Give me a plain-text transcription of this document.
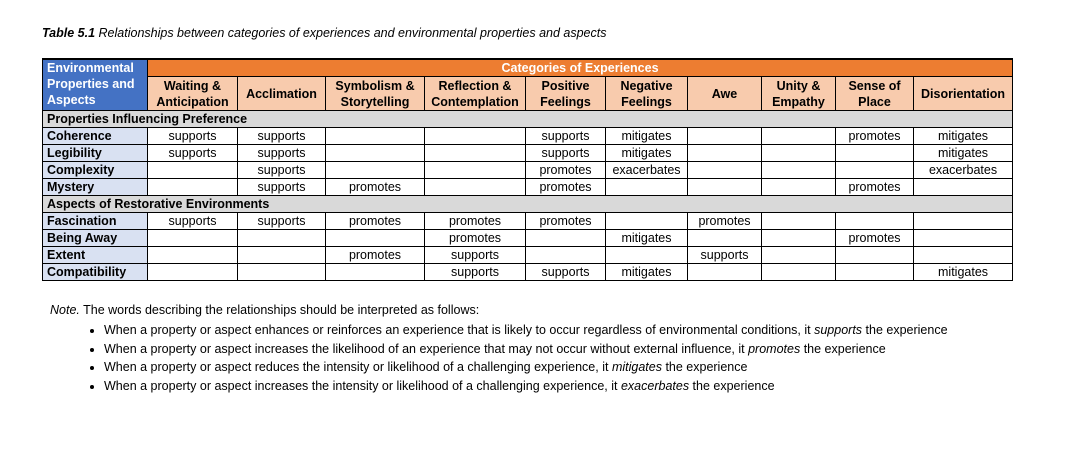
Table 5.1 Relationships between categories of experiences and environmental properties and aspects
Environmental Properties and Aspects	Categories of Experiences									
	Waiting & Anticipation	Acclimation	Symbolism & Storytelling	Reflection & Contemplation	Positive Feelings	Negative Feelings	Awe	Unity & Empathy	Sense of Place	Disorientation
Properties Influencing Preference										
Coherence	supports	supports			supports	mitigates			promotes	mitigates
Legibility	supports	supports			supports	mitigates				mitigates
Complexity		supports			promotes	exacerbates				exacerbates
Mystery		supports	promotes		promotes				promotes	
Aspects of Restorative Environments										
Fascination	supports	supports	promotes	promotes	promotes		promotes			
Being Away				promotes		mitigates			promotes	
Extent			promotes	supports			supports			
Compatibility				supports	supports	mitigates				mitigates

Note. The words describing the relationships should be interpreted as follows:

• When a property or aspect enhances or reinforces an experience that is likely to occur regardless of environmental conditions, it supports the experience
• When a property or aspect increases the likelihood of an experience that may not occur without external influence, it promotes the experience
• When a property or aspect reduces the intensity or likelihood of a challenging experience, it mitigates the experience
• When a property or aspect increases the intensity or likelihood of a challenging experience, it exacerbates the experience
